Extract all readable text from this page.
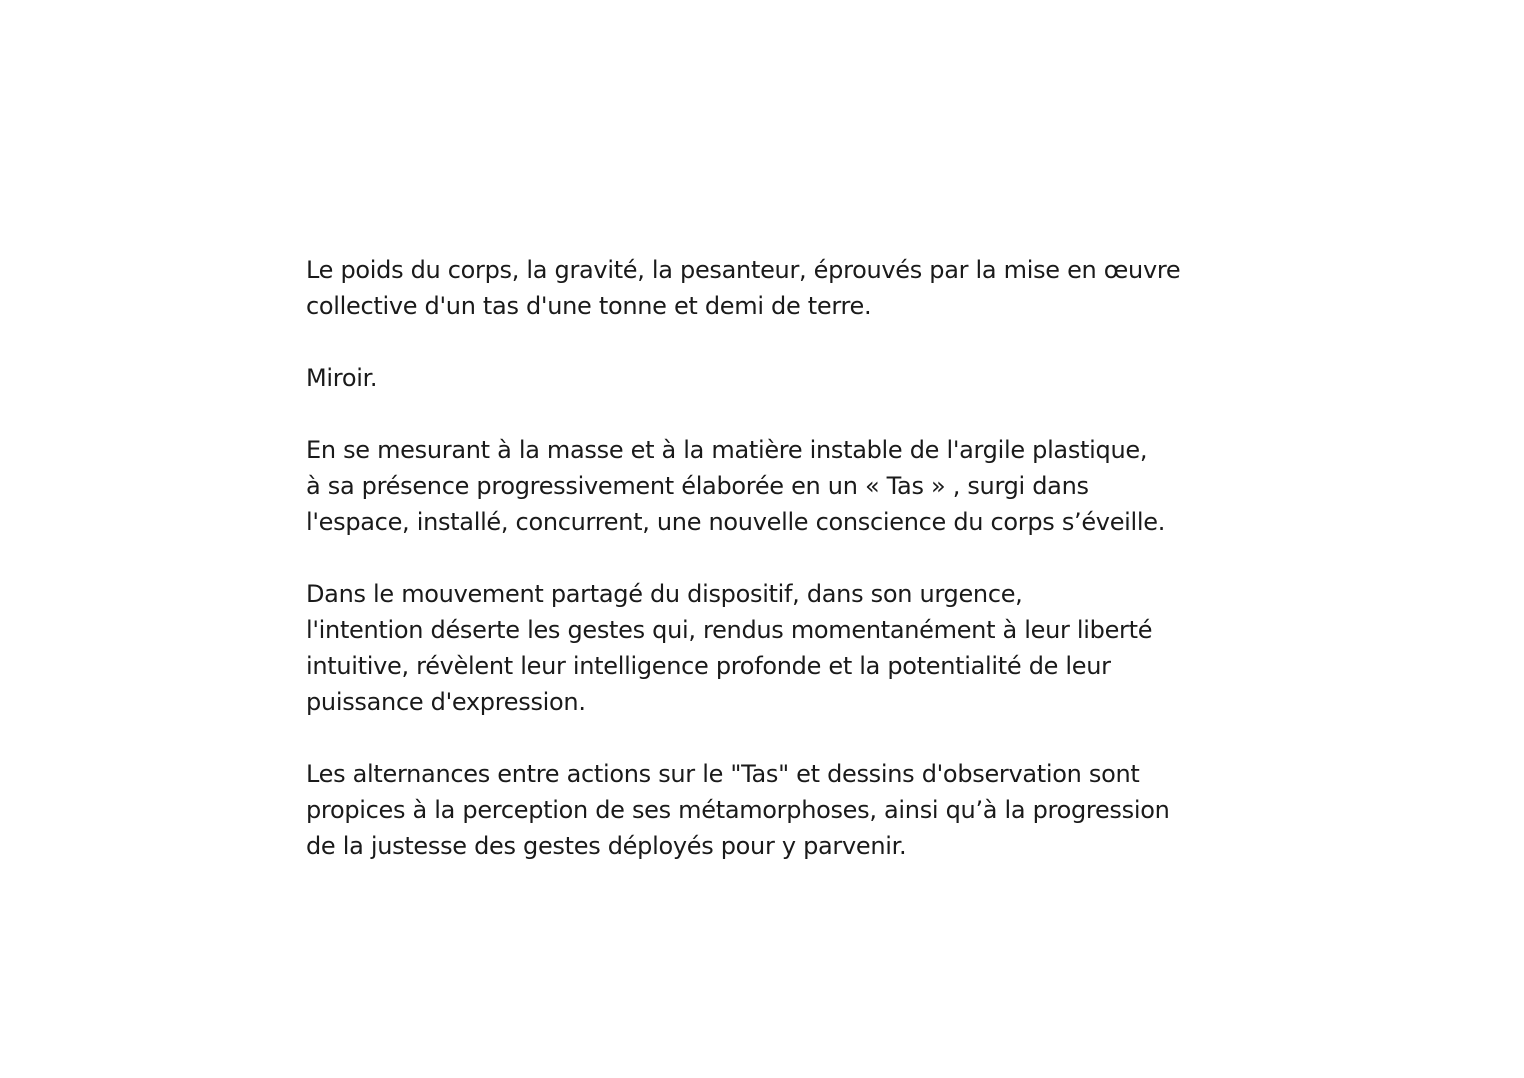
Le poids du corps, la gravité, la pesanteur, éprouvés par la mise en œuvre
collective d'un tas d'une tonne et demi de terre.

Miroir.

En se mesurant à la masse et à la matière instable de l'argile plastique,
à sa présence progressivement élaborée en un « Tas » , surgi dans
l'espace, installé, concurrent, une nouvelle conscience du corps s’éveille.

Dans le mouvement partagé du dispositif, dans son urgence,
l'intention déserte les gestes qui, rendus momentanément à leur liberté
intuitive, révèlent leur intelligence profonde et la potentialité de leur
puissance d'expression.

Les alternances entre actions sur le "Tas" et dessins d'observation sont
propices à la perception de ses métamorphoses, ainsi qu’à la progression
de la justesse des gestes déployés pour y parvenir.
